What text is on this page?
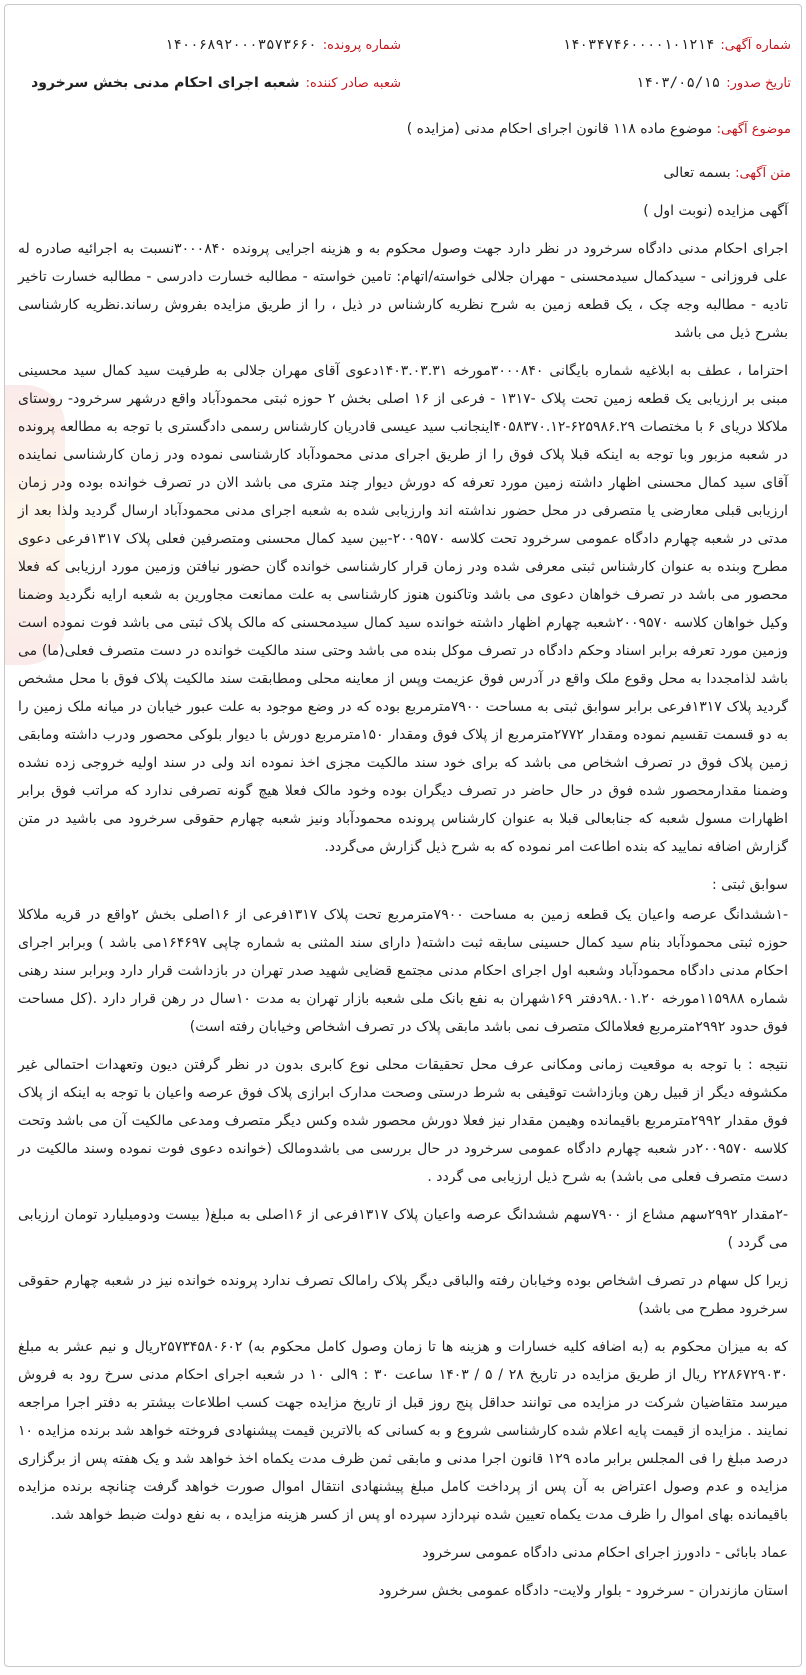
شماره آگهی:
۱۴۰۳۴۷۴۶۰۰۰۰۱۰۱۲۱۴
شماره پرونده:
۱۴۰۰۶۸۹۲۰۰۰۳۵۷۳۶۶۰
تاریخ صدور:
۱۴۰۳/۰۵/۱۵
شعبه صادر کننده:
شعبه اجرای احکام مدنی بخش سرخرود
موضوع آگهی: موضوع ماده ۱۱۸ قانون اجرای احکام مدنی (مزایده )
متن آگهی: بسمه تعالی

آگهی مزایده (نوبت اول )

اجرای احکام مدنی دادگاه سرخرود در نظر دارد جهت وصول محکوم به و هزینه اجرایی پرونده ۳۰۰۰۸۴۰نسبت به اجرائیه صادره له علی فروزانی - سیدکمال سیدمحسنی - مهران جلالی خواسته/اتهام: تامین خواسته - مطالبه خسارت دادرسی - مطالبه خسارت تاخیر تادیه - مطالبه وجه چک ، یک قطعه زمین به شرح نظریه کارشناس در ذیل ، را از طریق مزایده بفروش رساند.نظریه کارشناسی بشرح ذیل می باشد

احتراما ، عطف به ابلاغیه شماره بایگانی ۳۰۰۰۸۴۰مورخه ۱۴۰۳.۰۳.۳۱دعوی آقای مهران جلالی به طرفیت سید کمال سید محسینی مبنی بر ارزیابی یک قطعه زمین تحت پلاک -۱۳۱۷ - فرعی از ۱۶ اصلی بخش ۲ حوزه ثبتی محمودآباد واقع درشهر سرخرود- روستای ملاکلا دریای ۶ با مختصات ۶۲۵۹۸۶.۲۹-۴۰۵۸۳۷۰.۱۲اینجانب سید عیسی قادریان کارشناس رسمی دادگستری با توجه به مطالعه پرونده در شعبه مزبور وبا توجه به اینکه قبلا پلاک فوق را از طریق اجرای مدنی محمودآباد کارشناسی نموده ودر زمان کارشناسی نماینده آقای سید کمال محسنی اظهار داشته زمین مورد تعرفه که دورش دیوار چند متری می باشد الان در تصرف خوانده بوده ودر زمان ارزیابی قبلی معارضی یا متصرفی در محل حضور نداشته اند وارزیابی شده به شعبه اجرای مدنی محمودآباد ارسال گردید ولذا بعد از مدتی در شعبه چهارم دادگاه عمومی سرخرود تحت کلاسه ۲۰۰۹۵۷۰-بین سید کمال محسنی ومتصرفین فعلی پلاک ۱۳۱۷فرعی دعوی مطرح وبنده به عنوان کارشناس ثبتی معرفی شده ودر زمان قرار کارشناسی خوانده گان حضور نیافتن وزمین مورد ارزیابی که فعلا محصور می باشد در تصرف خواهان دعوی می باشد وتاکنون هنوز کارشناسی به علت ممانعت مجاورین به شعبه ارایه نگردید وضمنا وکیل خواهان کلاسه ۲۰۰۹۵۷۰شعبه چهارم اظهار داشته خوانده سید کمال سیدمحسنی که مالک پلاک ثبتی می باشد فوت نموده است وزمین مورد تعرفه برابر اسناد وحکم دادگاه در تصرف موکل بنده می باشد وحتی سند مالکیت خوانده در دست متصرف فعلی(ما) می باشد لذامجددا به محل وقوع ملک واقع در آدرس فوق عزیمت وپس از معاینه محلی ومطابقت سند مالکیت پلاک فوق با محل مشخص گردید پلاک ۱۳۱۷فرعی برابر سوابق ثبتی به مساحت ۷۹۰۰مترمربع بوده که در وضع موجود به علت عبور خیابان در میانه ملک زمین را به دو قسمت تقسیم نموده ومقدار ۲۷۷۲مترمربع از پلاک فوق ومقدار ۱۵۰مترمربع دورش با دیوار بلوکی محصور ودرب داشته ومابقی زمین پلاک فوق در تصرف اشخاص می باشد که برای خود سند مالکیت مجزی اخذ نموده اند ولی در سند اولیه خروجی زده نشده وضمنا مقدارمحصور شده فوق در حال حاضر در تصرف دیگران بوده وخود مالک فعلا هیچ گونه تصرفی ندارد که مراتب فوق برابر اظهارات مسول شعبه که جنابعالی قبلا به عنوان کارشناس پرونده محمودآباد ونیز شعبه چهارم حقوقی سرخرود می باشید در متن گزارش اضافه نمایید که بنده اطاعت امر نموده که به شرح ذیل گزارش می‌گردد.

سوابق ثبتی :

-۱ششدانگ عرصه واعیان یک قطعه زمین به مساحت ۷۹۰۰مترمربع تحت پلاک ۱۳۱۷فرعی از ۱۶اصلی بخش ۲واقع در قریه ملاکلا حوزه ثبتی محمودآباد بنام سید کمال حسینی سابقه ثبت داشته( دارای سند المثنی به شماره چاپی ۱۶۴۶۹۷می باشد ) وبرابر اجرای احکام مدنی دادگاه محمودآباد وشعبه اول اجرای احکام مدنی مجتمع قضایی شهید صدر تهران در بازداشت قرار دارد وبرابر سند رهنی شماره ۱۱۵۹۸۸مورخه ۹۸.۰۱.۲۰دفتر ۱۶۹شهران به نفع بانک ملی شعبه بازار تهران به مدت ۱۰سال در رهن قرار دارد .(کل مساحت فوق حدود ۲۹۹۲مترمربع فعلامالک متصرف نمی باشد مابقی پلاک در تصرف اشخاص وخیابان رفته است)

نتیجه : با توجه به موقعیت زمانی ومکانی عرف محل تحقیقات محلی نوع کابری بدون در نظر گرفتن دیون وتعهدات احتمالی غیر مکشوفه دیگر از قبیل رهن وبازداشت توقیفی به شرط درستی وصحت مدارک ابرازی پلاک فوق عرصه واعیان با توجه به اینکه از پلاک فوق مقدار ۲۹۹۲مترمربع باقیمانده وهیمن مقدار نیز فعلا دورش محصور شده وکس دیگر متصرف ومدعی مالکیت آن می باشد وتحت کلاسه ۲۰۰۹۵۷۰در شعبه چهارم دادگاه عمومی سرخرود در حال بررسی می باشدومالک (خوانده دعوی فوت نموده وسند مالکیت در دست متصرف فعلی می باشد) به شرح ذیل ارزیابی می گردد .

-۲مقدار ۲۹۹۲سهم مشاع از ۷۹۰۰سهم ششدانگ عرصه واعیان پلاک ۱۳۱۷فرعی از ۱۶اصلی به مبلغ( بیست ودومیلیارد تومان ارزیابی می گردد )

زیرا کل سهام در تصرف اشخاص بوده وخیابان رفته والباقی دیگر پلاک رامالک تصرف ندارد پرونده خوانده نیز در شعبه چهارم حقوقی سرخرود مطرح می باشد)

که به میزان محکوم به (به اضافه کلیه خسارات و هزینه ها تا زمان وصول کامل محکوم به) ۲۵۷۳۴۵۸۰۶۰۲ریال و نیم عشر به مبلغ ۲۲۸۶۷۲۹۰۳۰ ریال از طریق مزایده در تاریخ ۲۸ / ۵ / ۱۴۰۳ ساعت ۳۰ : ۹الی ۱۰ در شعبه اجرای احکام مدنی سرخ رود به فروش میرسد متقاضیان شرکت در مزایده می توانند حداقل پنج روز قبل از تاریخ مزایده جهت کسب اطلاعات بیشتر به دفتر اجرا مراجعه نمایند . مزایده از قیمت پایه اعلام شده کارشناسی شروع و به کسانی که بالاترین قیمت پیشنهادی فروخته خواهد شد برنده مزایده ۱۰ درصد مبلغ را فی المجلس برابر ماده ۱۲۹ قانون اجرا مدنی و مابقی ثمن ظرف مدت یکماه اخذ خواهد شد و یک هفته پس از برگزاری مزایده و عدم وصول اعتراض به آن پس از پرداخت کامل مبلغ پیشنهادی انتقال اموال صورت خواهد گرفت چنانچه برنده مزایده باقیمانده بهای اموال را ظرف مدت یکماه تعیین شده نپردازد سپرده او پس از کسر هزینه مزایده ، به نفع دولت ضبط خواهد شد.

عماد بابائی - دادورز اجرای احکام مدنی دادگاه عمومی سرخرود

استان مازندران - سرخرود - بلوار ولایت- دادگاه عمومی بخش سرخرود
